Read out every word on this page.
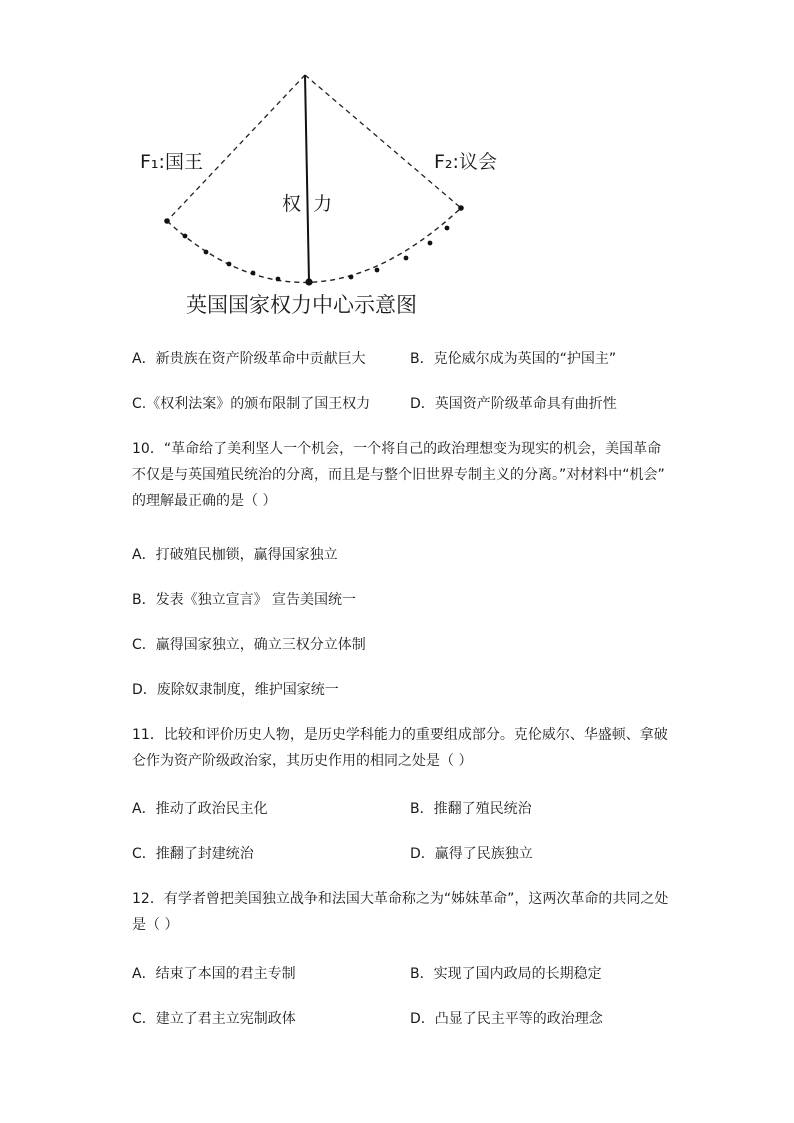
F₁:国王	F₂:议会
权  力
英国国家权力中心示意图
A．新贵族在资产阶级革命中贡献巨大	B．克伦威尔成为英国的“护国主”
C.《权利法案》的颁布限制了国王权力	D．英国资产阶级革命具有曲折性
10．“革命给了美利坚人一个机会，一个将自己的政治理想变为现实的机会，美国革命
不仅是与英国殖民统治的分离，而且是与整个旧世界专制主义的分离。”对材料中“机会”
的理解最正确的是（ ）
A．打破殖民枷锁，赢得国家独立
B．发表《独立宣言》 宣告美国统一
C．赢得国家独立，确立三权分立体制
D．废除奴隶制度，维护国家统一
11．比较和评价历史人物，是历史学科能力的重要组成部分。克伦威尔、华盛顿、拿破
仑作为资产阶级政治家，其历史作用的相同之处是（ ）
A．推动了政治民主化	B．推翻了殖民统治
C．推翻了封建统治	D．赢得了民族独立
12．有学者曾把美国独立战争和法国大革命称之为“姊妹革命”，这两次革命的共同之处
是（ ）
A．结束了本国的君主专制	B．实现了国内政局的长期稳定
C．建立了君主立宪制政体	D．凸显了民主平等的政治理念
